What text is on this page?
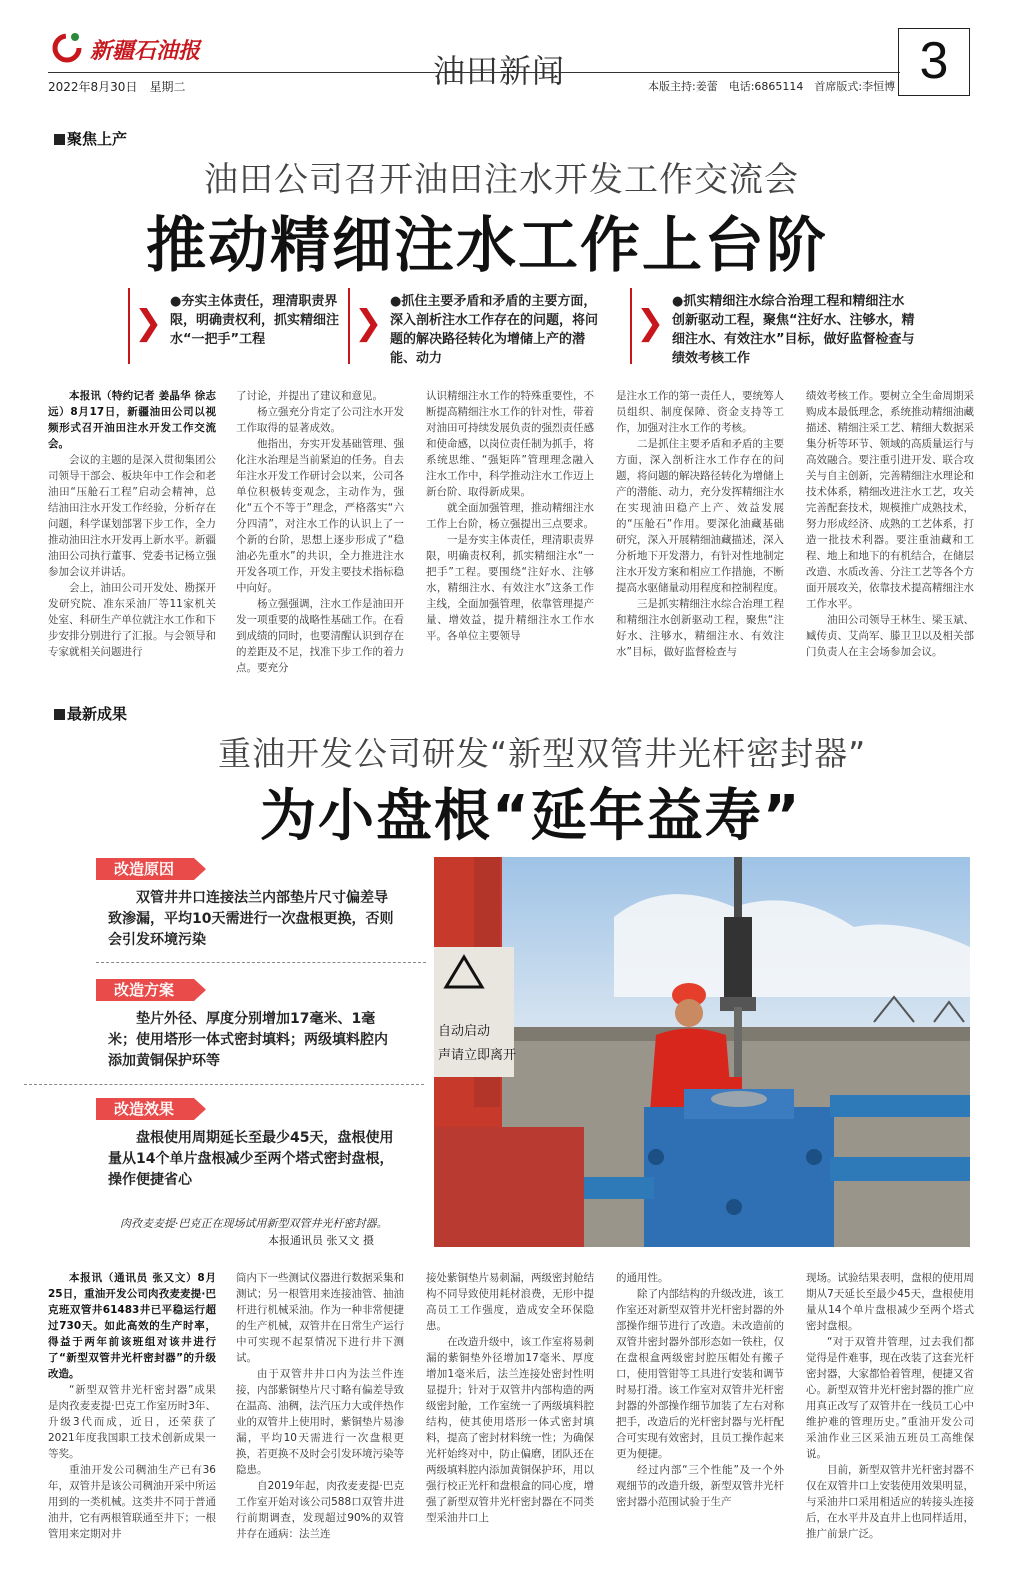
新疆石油报
2022年8月30日　星期二	油田新闻	本版主持:姜蕾　电话:6865114　首席版式:李恒博 3
聚焦上产
油田公司召开油田注水开发工作交流会
推动精细注水工作上台阶
❯
●夯实主体责任，理清职责界限，明确责权利，抓实精细注水“一把手”工程	❯
●抓住主要矛盾和矛盾的主要方面，深入剖析注水工作存在的问题，将问题的解决路径转化为增储上产的潜能、动力
❯
●抓实精细注水综合治理工程和精细注水创新驱动工程，聚焦“注好水、注够水，精细注水、有效注水”目标，做好监督检查与绩效考核工作

本报讯（特约记者 姜晶华 徐志远）8月17日，新疆油田公司以视频形式召开油田注水开发工作交流会。

会议的主题的是深入贯彻集团公司领导干部会、板块年中工作会和老油田“压舱石工程”启动会精神，总结油田注水开发工作经验，分析存在问题，科学谋划部署下步工作，全力推动油田注水开发再上新水平。新疆油田公司执行董事、党委书记杨立强参加会议并讲话。

会上，油田公司开发处、勘探开发研究院、准东采油厂等11家机关处室、科研生产单位就注水工作和下步安排分别进行了汇报。与会领导和专家就相关问题进行

了讨论，并提出了建议和意见。

杨立强充分肯定了公司注水开发工作取得的显著成效。

他指出，夯实开发基础管理、强化注水治理是当前紧迫的任务。自去年注水开发工作研讨会以来，公司各单位积极转变观念，主动作为，强化“五个不等于”理念，严格落实“六分四清”，对注水工作的认识上了一个新的台阶，思想上逐步形成了“稳油必先重水”的共识，全力推进注水开发各项工作，开发主要技术指标稳中向好。

杨立强强调，注水工作是油田开发一项重要的战略性基础工作。在看到成绩的同时，也要清醒认识到存在的差距及不足，找准下步工作的着力点。要充分

认识精细注水工作的特殊重要性，不断提高精细注水工作的针对性，带着对油田可持续发展负责的强烈责任感和使命感，以岗位责任制为抓手，将系统思维、“强矩阵”管理理念融入注水工作中，科学推动注水工作迈上新台阶、取得新成果。

就全面加强管理，推动精细注水工作上台阶，杨立强提出三点要求。

一是夯实主体责任，理清职责界限，明确责权利，抓实精细注水“一把手”工程。要围绕“注好水、注够水，精细注水、有效注水”这条工作主线，全面加强管理，依靠管理提产量、增效益，提升精细注水工作水平。各单位主要领导

是注水工作的第一责任人，要统筹人员组织、制度保障、资金支持等工作，加强对注水工作的考核。

二是抓住主要矛盾和矛盾的主要方面，深入剖析注水工作存在的问题，将问题的解决路径转化为增储上产的潜能、动力，充分发挥精细注水在实现油田稳产上产、效益发展的“压舱石”作用。要深化油藏基础研究，深入开展精细油藏描述，深入分析地下开发潜力，有针对性地制定注水开发方案和相应工作措施，不断提高水驱储量动用程度和控制程度。

三是抓实精细注水综合治理工程和精细注水创新驱动工程，聚焦“注好水、注够水，精细注水、有效注水”目标，做好监督检查与

绩效考核工作。要树立全生命周期采购成本最低理念，系统推动精细油藏描述、精细注采工艺、精细大数据采集分析等环节、领域的高质量运行与高效融合。要注重引进开发、联合攻关与自主创新，完善精细注水理论和技术体系，精细改进注水工艺，攻关完善配套技术，规模推广成熟技术，努力形成经济、成熟的工艺体系，打造一批技术利器。要注重油藏和工程、地上和地下的有机结合，在储层改造、水质改善、分注工艺等各个方面开展攻关，依靠技术提高精细注水工作水平。

油田公司领导王林生、梁玉斌、臧传贞、艾尚军、滕卫卫以及相关部门负责人在主会场参加会议。

最新成果
重油开发公司研发“新型双管井光杆密封器”
为小盘根“延年益寿”
改造原因
双管井井口连接法兰内部垫片尺寸偏差导致渗漏，平均10天需进行一次盘根更换，否则会引发环境污染
改造方案
垫片外径、厚度分别增加17毫米、1毫米；使用塔形一体式密封填料；两级填料腔内添加黄铜保护环等
改造效果
盘根使用周期延长至最少45天，盘根使用量从14个单片盘根减少至两个塔式密封盘根，操作便捷省心
自动启动
声请立即离开
肉孜麦麦提·巴克正在现场试用新型双管井光杆密封器。
本报通讯员 张又文 摄

本报讯（通讯员 张又文）8月25日，重油开发公司肉孜麦麦提·巴克班双管井61483井已平稳运行超过730天。如此高效的生产时率，得益于两年前该班组对该井进行了“新型双管井光杆密封器”的升级改造。

“新型双管井光杆密封器”成果是肉孜麦麦提·巴克工作室历时3年、升级3代而成，近日，还荣获了2021年度我国职工技术创新成果一等奖。

重油开发公司稠油生产已有36年，双管井是该公司稠油开采中所运用到的一类机械。这类井不同于普通油井，它有两根管联通至井下；一根管用来定期对井

筒内下一些测试仪器进行数据采集和测试；另一根管用来连接油管、抽油杆进行机械采油。作为一种非常便捷的生产机械，双管井在日常生产运行中可实现不起泵情况下进行井下测试。

由于双管井井口内为法兰件连接，内部紫铜垫片尺寸略有偏差导致在温高、油稠，法汽压力大或伴热作业的双管井上使用时，紫铜垫片易渗漏，平均10天需进行一次盘根更换，若更换不及时会引发环境污染等隐患。

自2019年起，肉孜麦麦提·巴克工作室开始对该公司588口双管井进行前期调查，发现超过90%的双管井存在通病：法兰连

接处紫铜垫片易刺漏，两级密封舱结构不同导致使用耗材浪费，无形中提高员工工作强度，造成安全环保隐患。

在改造升级中，该工作室将易刺漏的紫铜垫外径增加17毫米、厚度增加1毫米后，法兰连接处密封性明显提升；针对于双管井内部构造的两级密封舱，工作室统一了两级填料腔结构，使其使用塔形一体式密封填料，提高了密封材料统一性；为确保光杆始终对中，防止偏磨，团队还在两级填料腔内添加黄铜保护环，用以强行校正光杆和盘根盒的同心度，增强了新型双管井光杆密封器在不同类型采油井口上

的通用性。

除了内部结构的升级改进，该工作室还对新型双管井光杆密封器的外部操作细节进行了改造。未改造前的双管井密封器外部形态如一铁柱，仅在盘根盒两级密封腔压帽处有搬子口，使用管钳等工具进行安装和调节时易打滑。该工作室对双管井光杆密封器的外部操作细节加装了左右对称把手，改造后的光杆密封器与光杆配合可实现有效密封，且员工操作起来更为便捷。

经过内部“三个性能”及一个外观细节的改造升级，新型双管井光杆密封器小范围试验于生产

现场。试验结果表明，盘根的使用周期从7天延长至最少45天，盘根使用量从14个单片盘根减少至两个塔式密封盘根。

“对于双管井管理，过去我们都觉得是件难事，现在改装了这套光杆密封器，大家都恰着管理，便捷又省心。新型双管井光杆密封器的推广应用真正改写了双管井在一线员工心中维护难的管理历史。”重油开发公司采油作业三区采油五班员工高维保说。

目前，新型双管井光杆密封器不仅在双管井口上安装使用效果明显，与采油井口采用相适应的转接头连接后，在水平井及直井上也同样适用，推广前景广泛。
